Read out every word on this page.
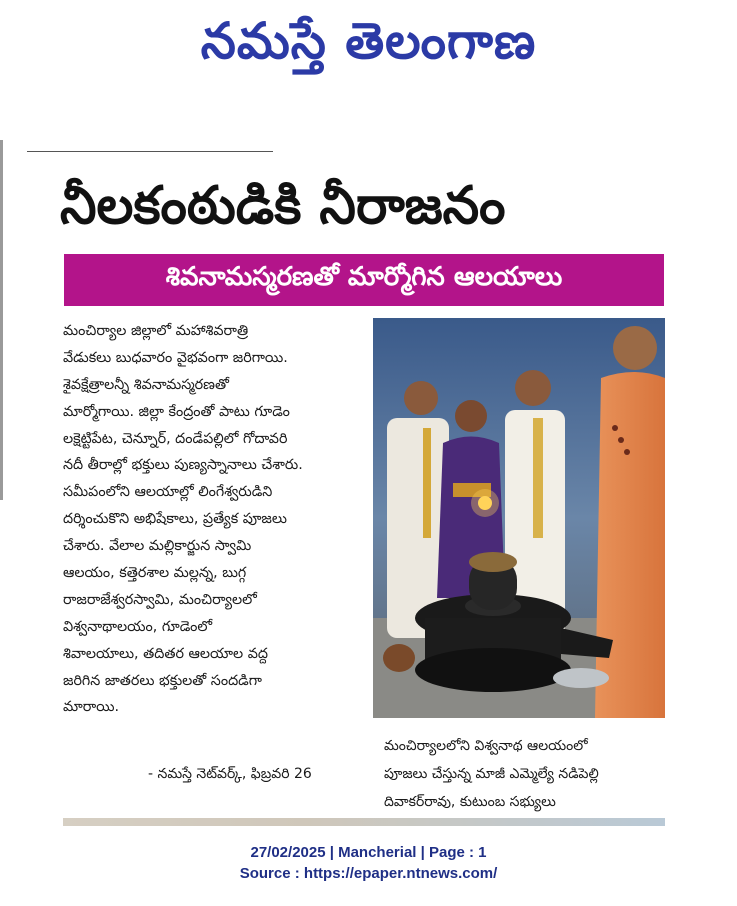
నమస్తే తెలంగాణ
నీలకంఠుడికి నీరాజనం
శివనామస్మరణతో మార్మోగిన ఆలయాలు
మంచిర్యాల జిల్లాలో మహాశివరాత్రి
వేడుకలు బుధవారం వైభవంగా జరిగాయి.
శైవక్షేత్రాలన్నీ శివనామస్మరణతో
మార్మోగాయి. జిల్లా కేంద్రంతో పాటు గూడెం
లక్షెట్టిపేట, చెన్నూర్, దండేపల్లిలో గోదావరి
నదీ తీరాల్లో భక్తులు పుణ్యస్నానాలు చేశారు.
సమీపంలోని ఆలయాల్లో లింగేశ్వరుడిని
దర్శించుకొని అభిషేకాలు, ప్రత్యేక పూజలు
చేశారు. వేలాల మల్లికార్జున స్వామి
ఆలయం, కత్తెరశాల మల్లన్న, బుగ్గ
రాజరాజేశ్వరస్వామి, మంచిర్యాలలో
విశ్వనాథాలయం, గూడెంలో
శివాలయాలు, తదితర ఆలయాల వద్ద
జరిగిన జాతరలు భక్తులతో సందడిగా
మారాయి.
- నమస్తే నెట్‌వర్క్, ఫిబ్రవరి 26
మంచిర్యాలలోని విశ్వనాథ ఆలయంలో
పూజలు చేస్తున్న మాజీ ఎమ్మెల్యే నడిపెల్లి
దివాకర్‌రావు, కుటుంబ సభ్యులు
27/02/2025 | Mancherial | Page : 1
Source : https://epaper.ntnews.com/
